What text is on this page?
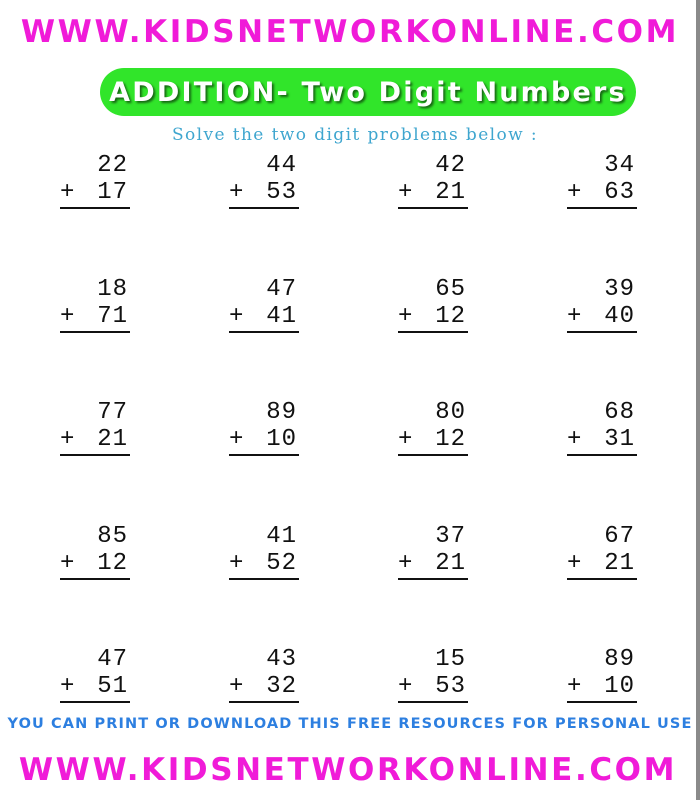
WWW.KIDSNETWORKONLINE.COM
ADDITION- Two Digit Numbers
Solve the two digit problems below :
22
+ 17
44
+ 53
42
+ 21
34
+ 63
18
+ 71
47
+ 41
65
+ 12
39
+ 40
77
+ 21
89
+ 10
80
+ 12
68
+ 31
85
+ 12
41
+ 52
37
+ 21
67
+ 21
47
+ 51
43
+ 32
15
+ 53
89
+ 10
YOU CAN PRINT OR DOWNLOAD THIS FREE RESOURCES FOR PERSONAL USE
WWW.KIDSNETWORKONLINE.COM
